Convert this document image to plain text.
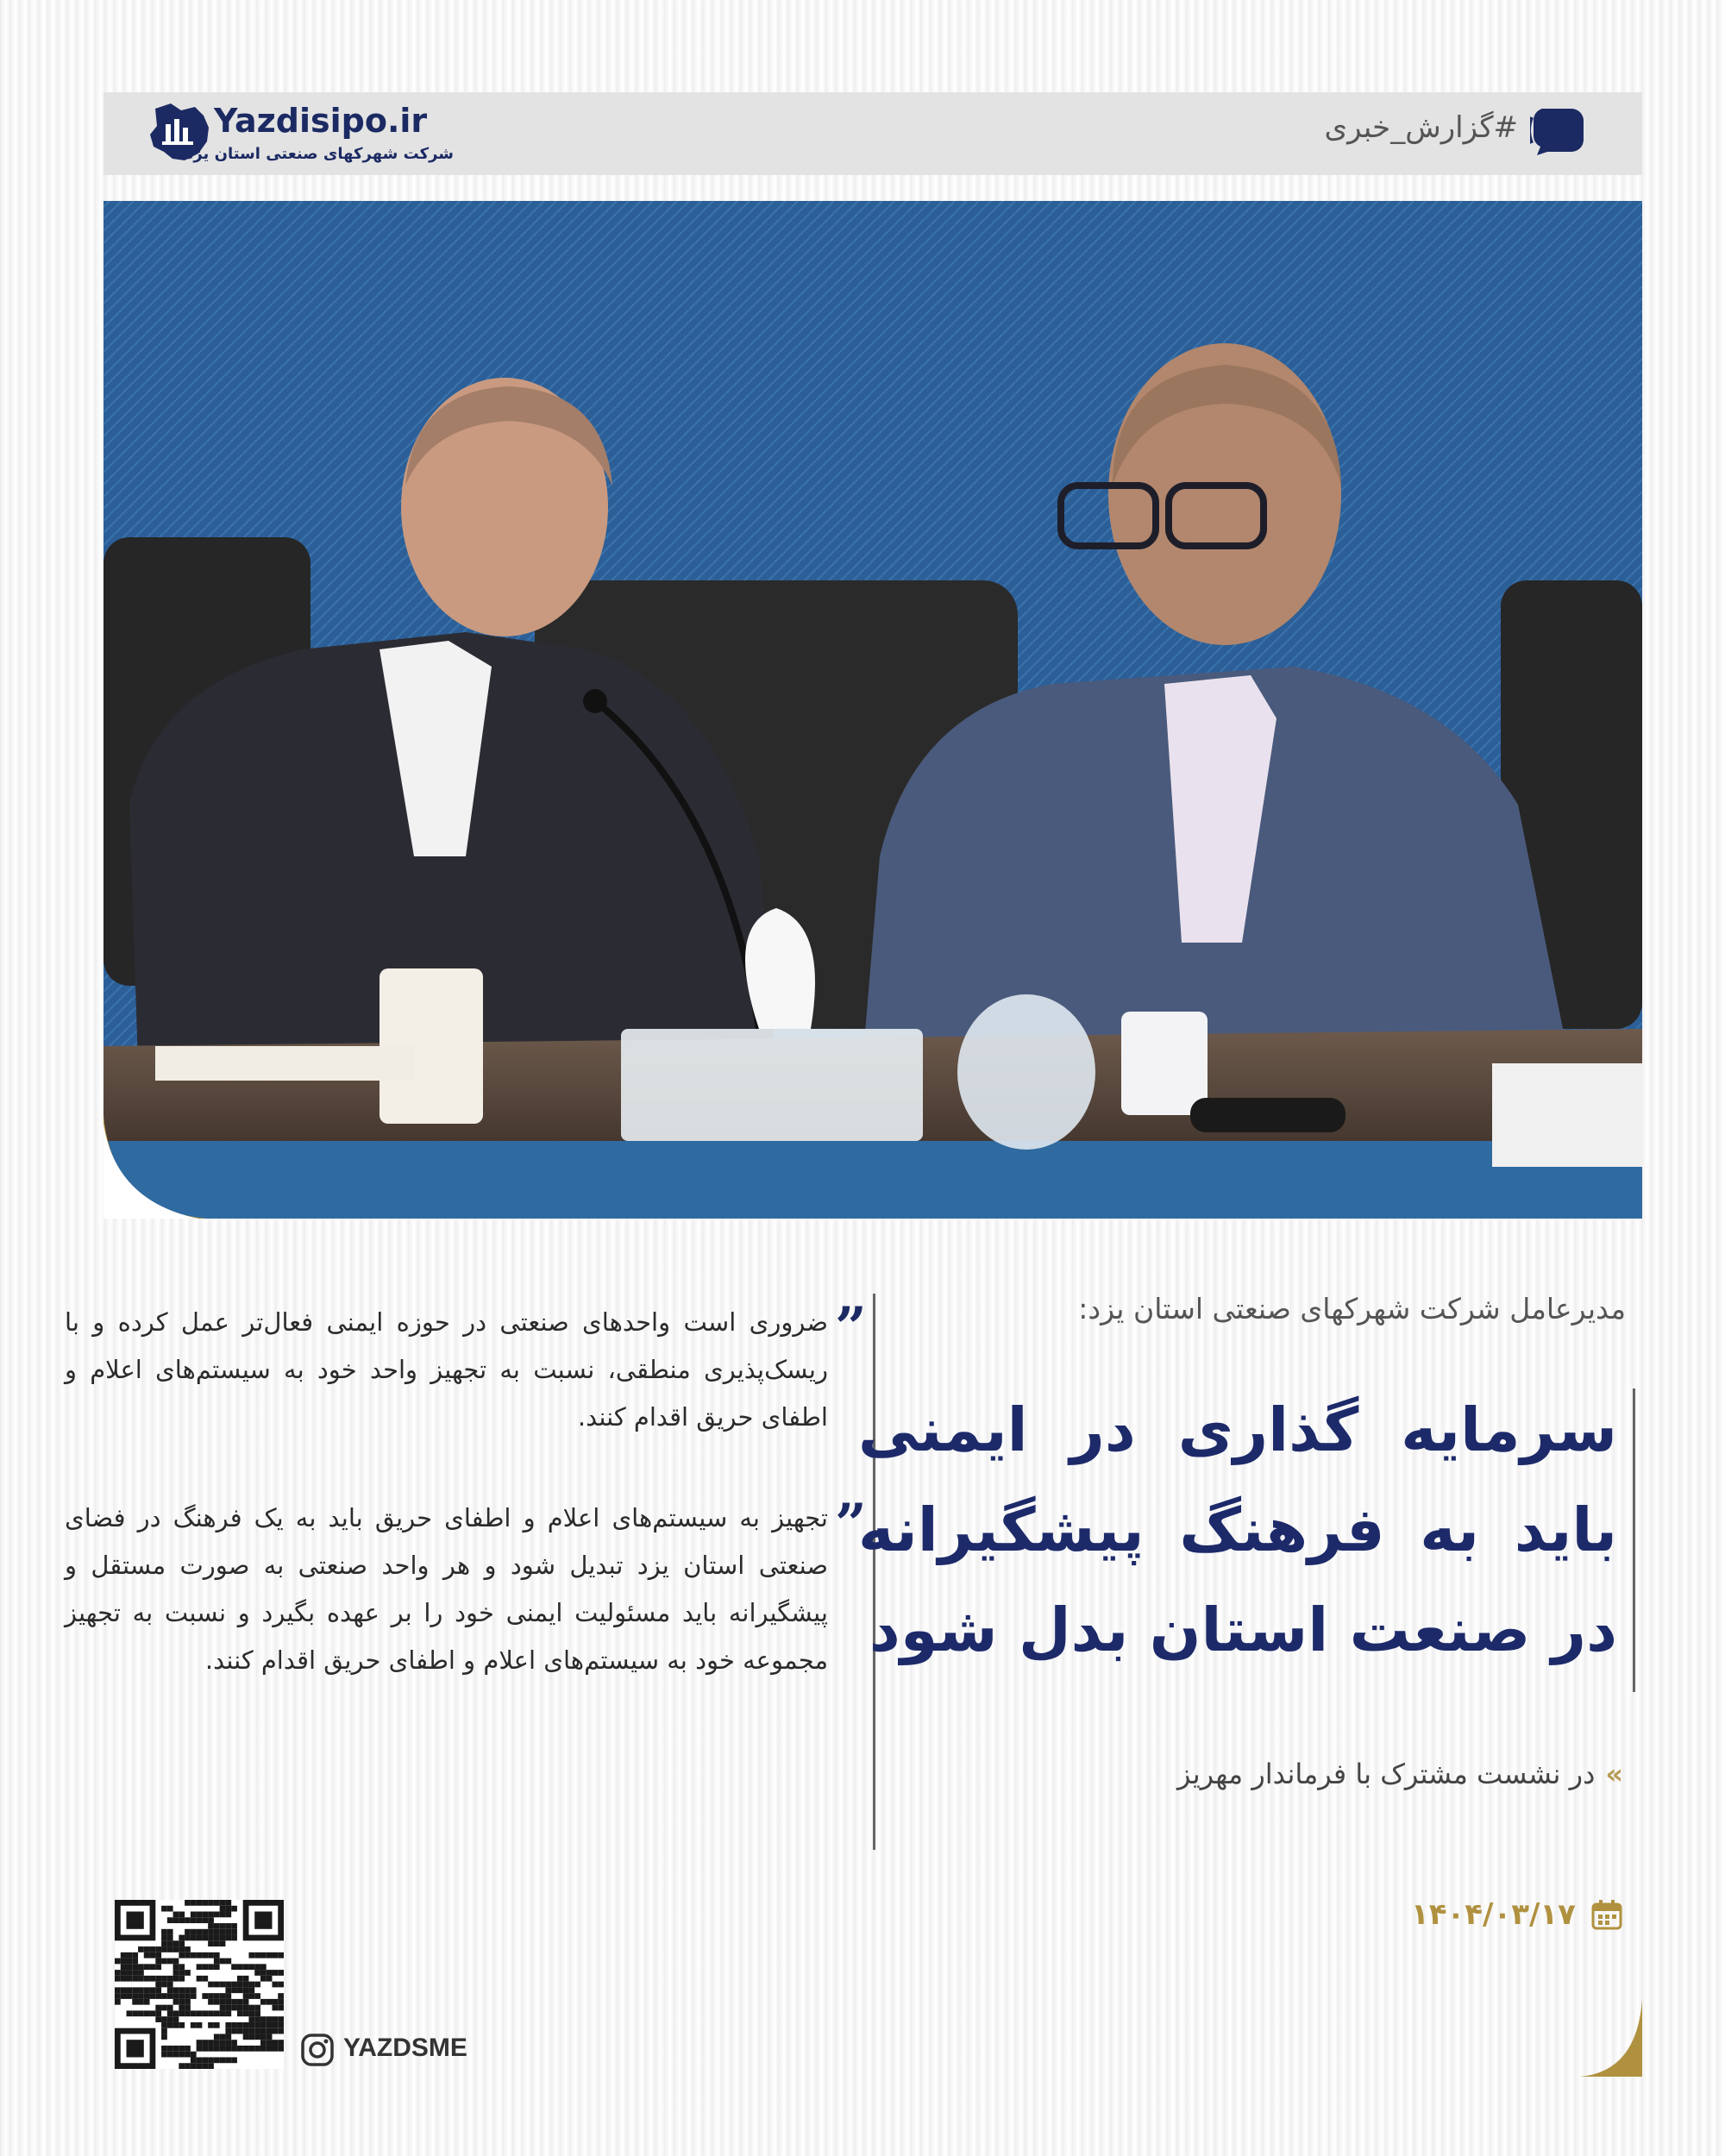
Yazdisipo.ir
شرکت شهرکهای صنعتی استان یزد
#گزارش_خبری
مدیرعامل شرکت شهرکهای صنعتی استان یزد:
سرمایه گذاری در ایمنی باید به فرهنگ پیشگیرانه در صنعت استان بدل شود
»در نشست مشترک با فرماندار مهریز
۱۴۰۴/۰۳/۱۷
”

ضروری است واحدهای صنعتی در حوزه ایمنی فعال‌تر عمل کرده و با ریسک‌پذیری منطقی، نسبت به تجهیز واحد خود به سیستم‌های اعلام و اطفای حریق اقدام کنند.

”

تجهیز به سیستم‌های اعلام و اطفای حریق باید به یک فرهنگ در فضای صنعتی استان یزد تبدیل شود و هر واحد صنعتی به صورت مستقل و پیشگیرانه باید مسئولیت ایمنی خود را بر عهده بگیرد و نسبت به تجهیز مجموعه خود به سیستم‌های اعلام و اطفای حریق اقدام کنند.

YAZDSME
